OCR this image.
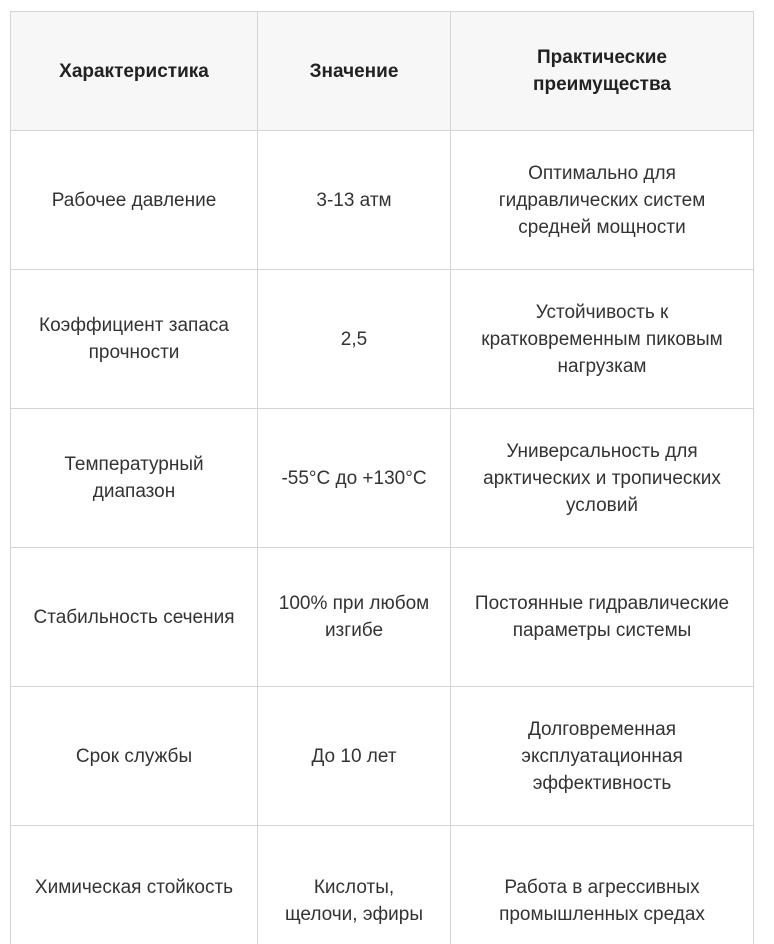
Характеристика	Значение	Практические преимущества
Рабочее давление	3-13 атм	Оптимально для гидравлических систем средней мощности
Коэффициент запаса прочности	2,5	Устойчивость к кратковременным пиковым нагрузкам
Температурный диапазон	-55°C до +130°C	Универсальность для арктических и тропических условий
Стабильность сечения	100% при любом изгибе	Постоянные гидравлические параметры системы
Срок службы	До 10 лет	Долговременная эксплуатационная эффективность
Химическая стойкость	Кислоты, щелочи, эфиры	Работа в агрессивных промышленных средах
